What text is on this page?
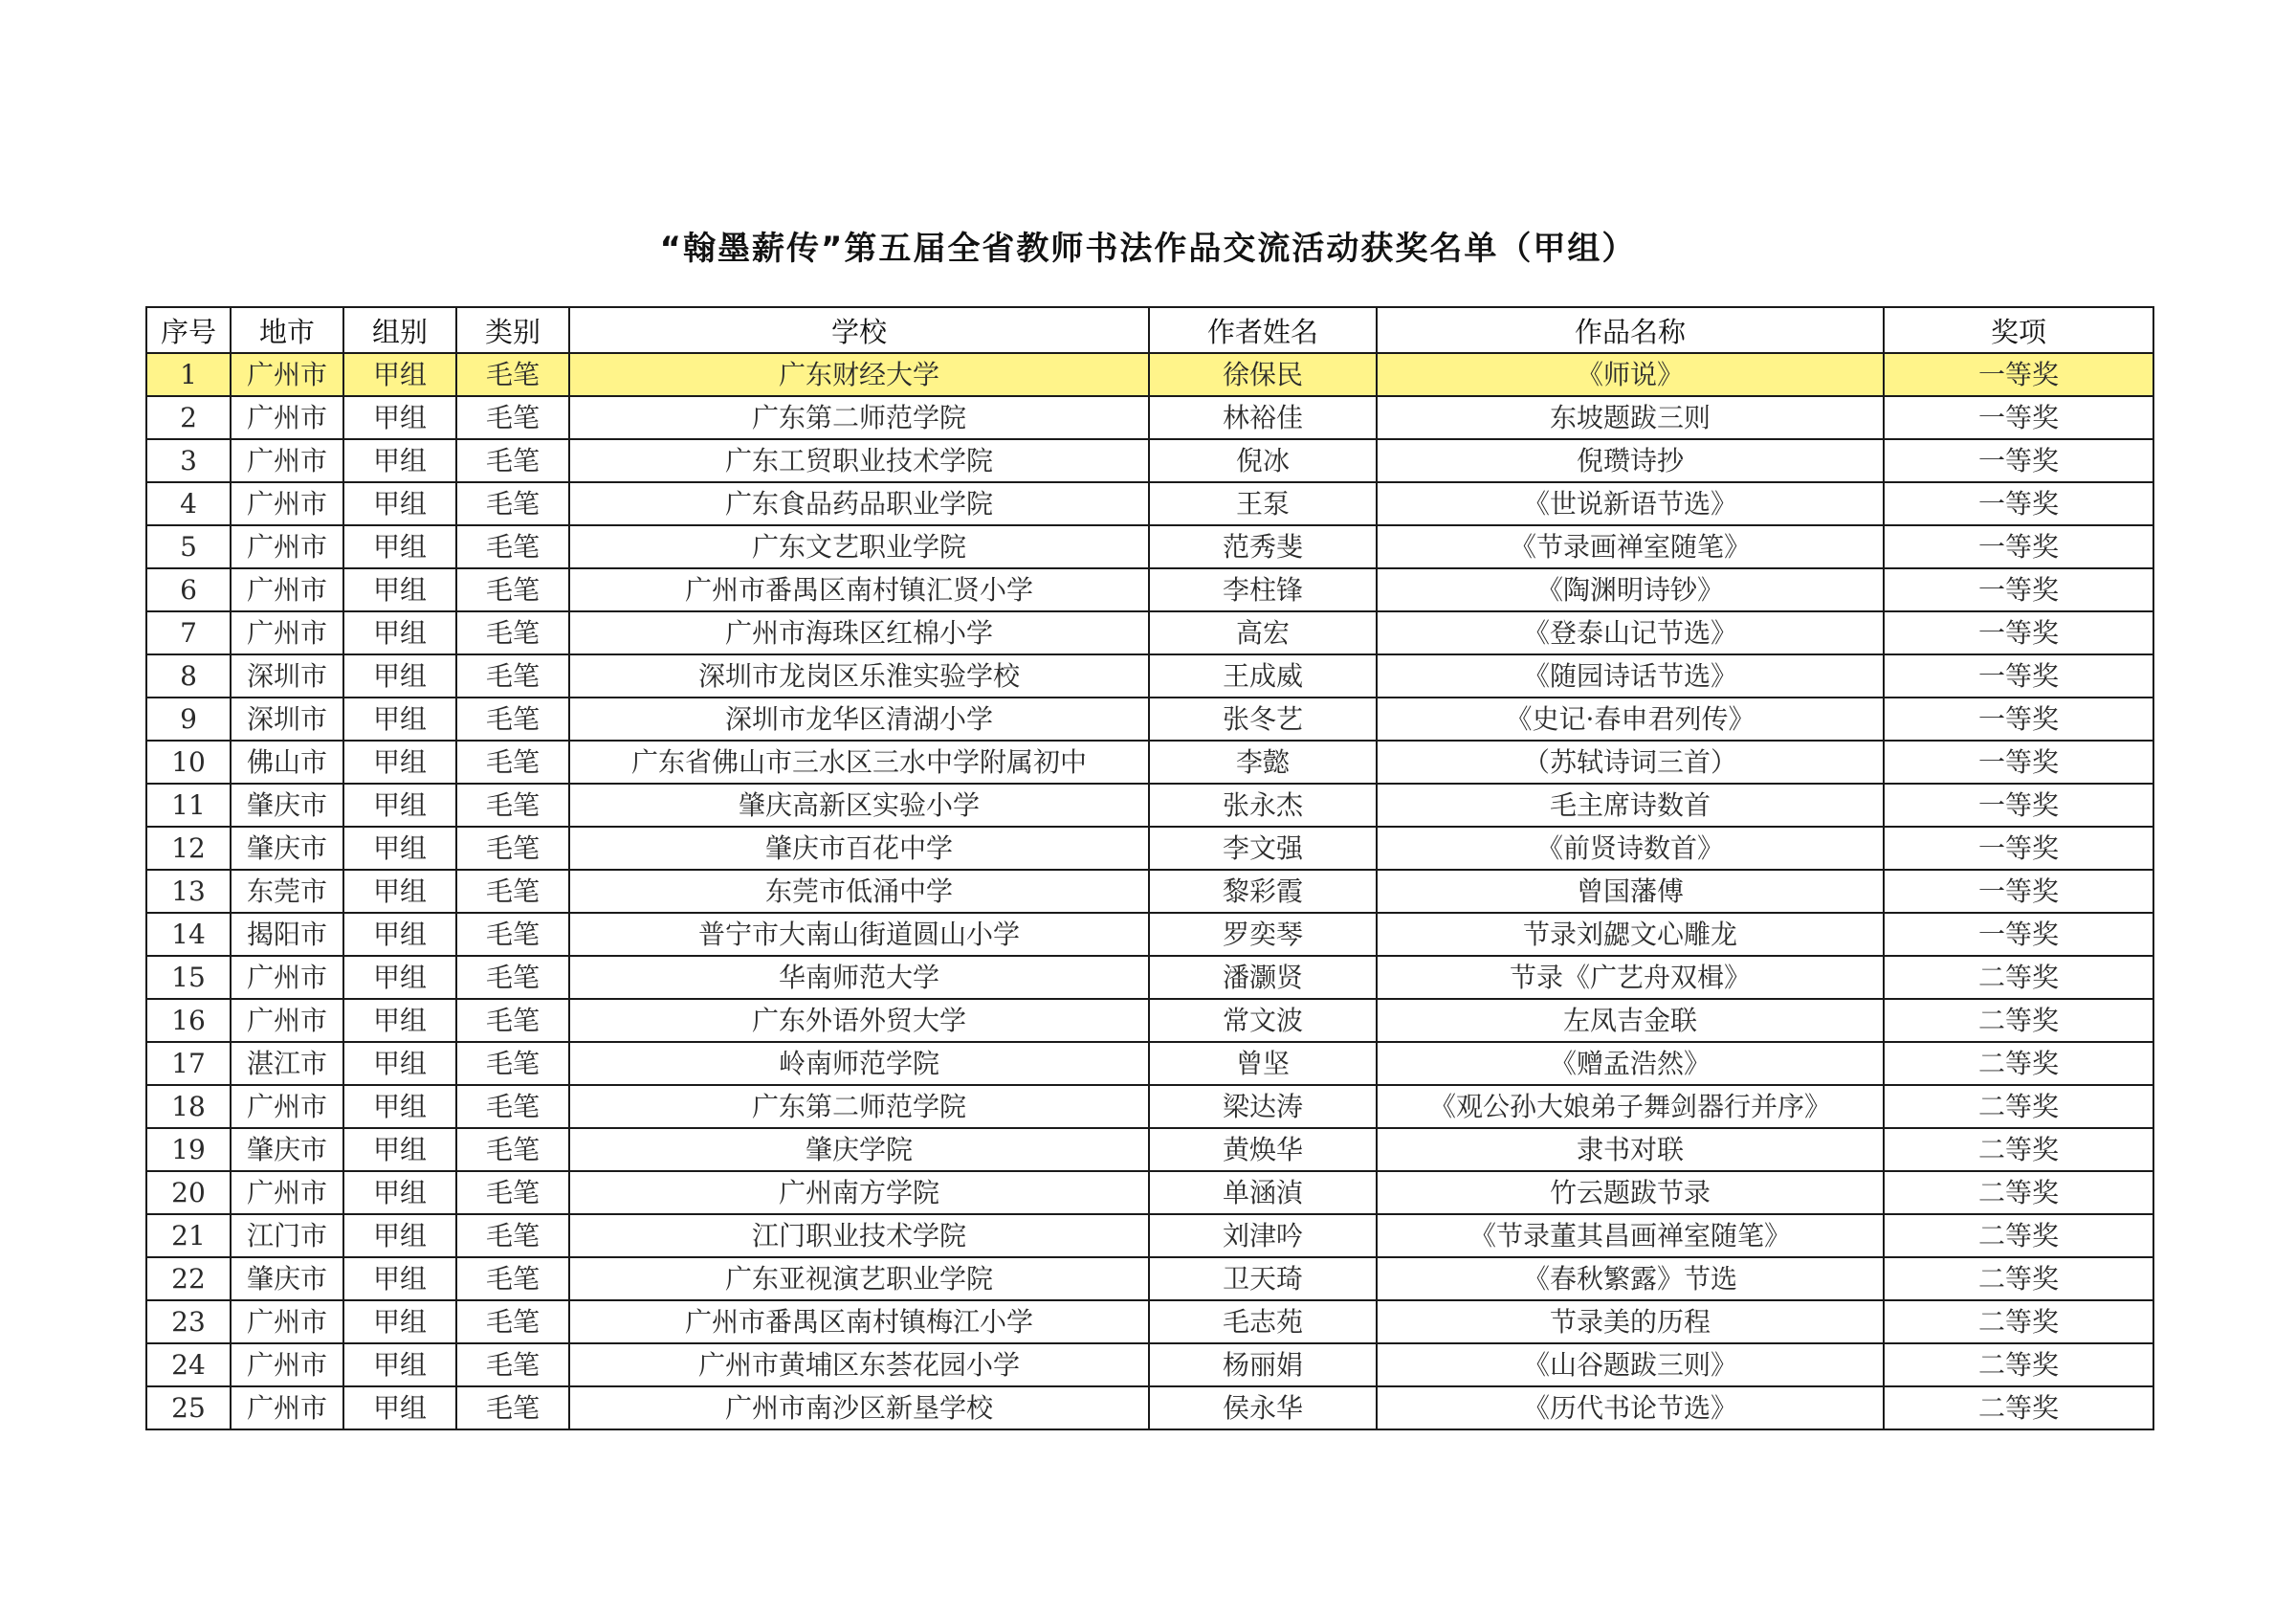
“翰墨薪传”第五届全省教师书法作品交流活动获奖名单（甲组）
序号	地市	组别	类别	学校	作者姓名	作品名称	奖项
1	广州市	甲组	毛笔	广东财经大学	徐保民	《师说》	一等奖
2	广州市	甲组	毛笔	广东第二师范学院	林裕佳	东坡题跋三则	一等奖
3	广州市	甲组	毛笔	广东工贸职业技术学院	倪冰	倪瓒诗抄	一等奖
4	广州市	甲组	毛笔	广东食品药品职业学院	王泵	《世说新语节选》	一等奖
5	广州市	甲组	毛笔	广东文艺职业学院	范秀斐	《节录画禅室随笔》	一等奖
6	广州市	甲组	毛笔	广州市番禺区南村镇汇贤小学	李柱锋	《陶渊明诗钞》	一等奖
7	广州市	甲组	毛笔	广州市海珠区红棉小学	高宏	《登泰山记节选》	一等奖
8	深圳市	甲组	毛笔	深圳市龙岗区乐淮实验学校	王成威	《随园诗话节选》	一等奖
9	深圳市	甲组	毛笔	深圳市龙华区清湖小学	张冬艺	《史记·春申君列传》	一等奖
10	佛山市	甲组	毛笔	广东省佛山市三水区三水中学附属初中	李懿	（苏轼诗词三首）	一等奖
11	肇庆市	甲组	毛笔	肇庆高新区实验小学	张永杰	毛主席诗数首	一等奖
12	肇庆市	甲组	毛笔	肇庆市百花中学	李文强	《前贤诗数首》	一等奖
13	东莞市	甲组	毛笔	东莞市低涌中学	黎彩霞	曾国藩傅	一等奖
14	揭阳市	甲组	毛笔	普宁市大南山街道圆山小学	罗奕琴	节录刘勰文心雕龙	一等奖
15	广州市	甲组	毛笔	华南师范大学	潘灏贤	节录《广艺舟双楫》	二等奖
16	广州市	甲组	毛笔	广东外语外贸大学	常文波	左凤吉金联	二等奖
17	湛江市	甲组	毛笔	岭南师范学院	曾坚	《赠孟浩然》	二等奖
18	广州市	甲组	毛笔	广东第二师范学院	梁达涛	《观公孙大娘弟子舞剑器行并序》	二等奖
19	肇庆市	甲组	毛笔	肇庆学院	黄焕华	隶书对联	二等奖
20	广州市	甲组	毛笔	广州南方学院	单涵湞	竹云题跋节录	二等奖
21	江门市	甲组	毛笔	江门职业技术学院	刘津吟	《节录董其昌画禅室随笔》	二等奖
22	肇庆市	甲组	毛笔	广东亚视演艺职业学院	卫天琦	《春秋繁露》节选	二等奖
23	广州市	甲组	毛笔	广州市番禺区南村镇梅江小学	毛志苑	节录美的历程	二等奖
24	广州市	甲组	毛笔	广州市黄埔区东荟花园小学	杨丽娟	《山谷题跋三则》	二等奖
25	广州市	甲组	毛笔	广州市南沙区新垦学校	侯永华	《历代书论节选》	二等奖
